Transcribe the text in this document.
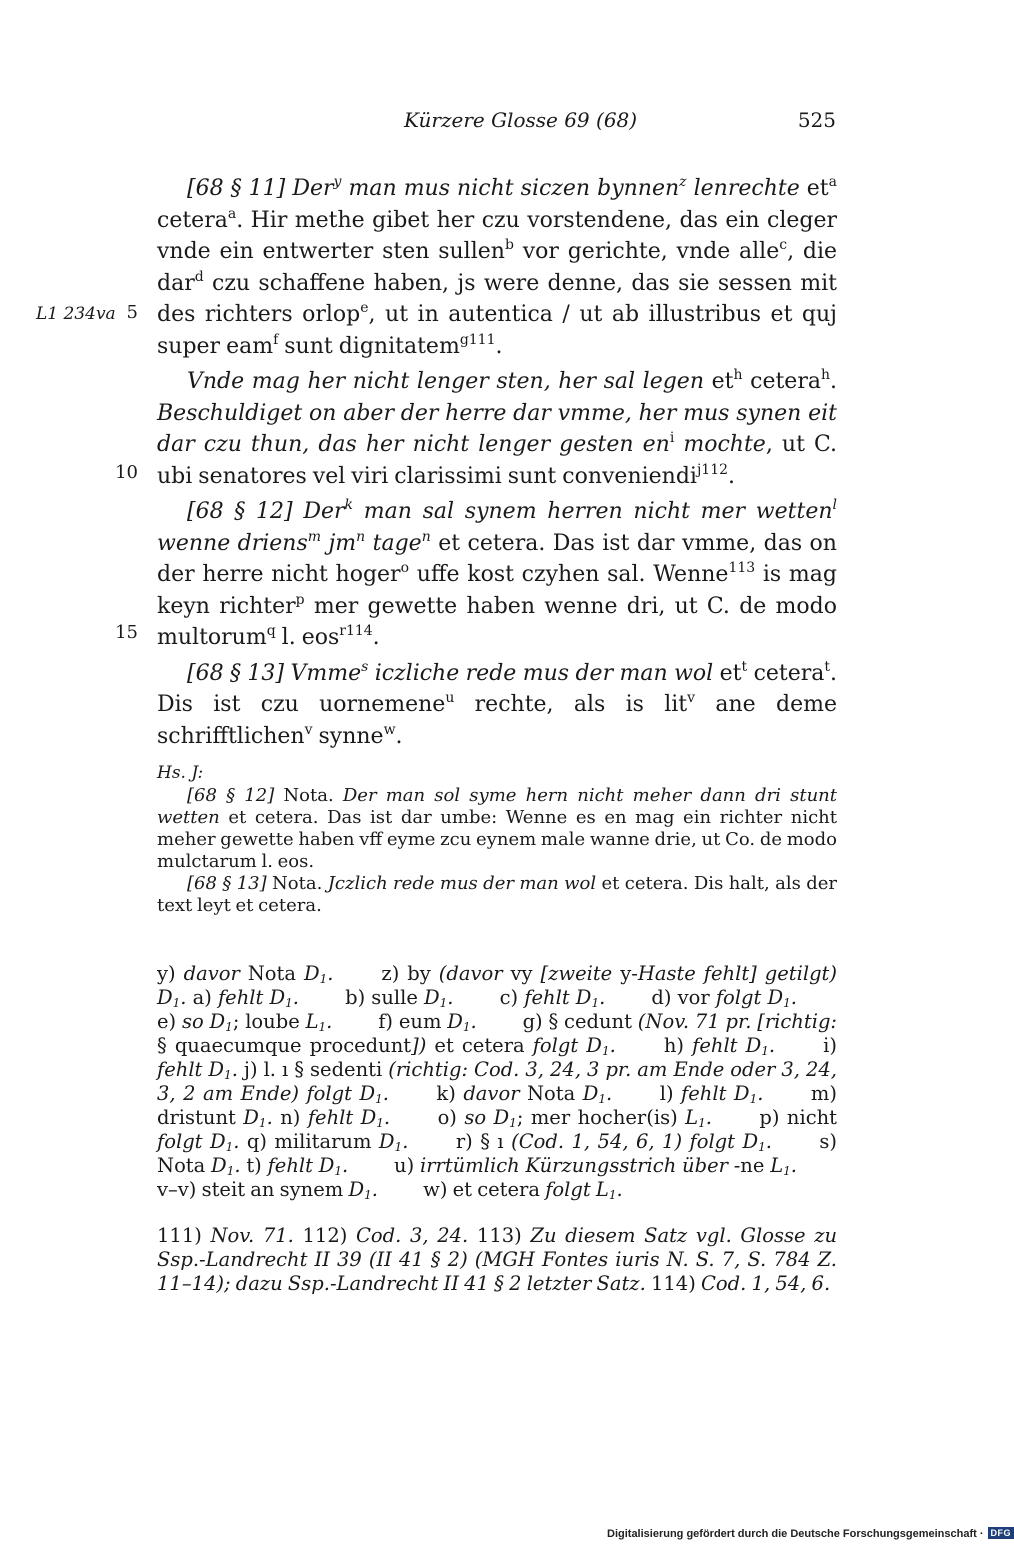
Kürzere Glosse 69 (68)	525
L1 234va 5
10
15

[68 § 11] Der$^y$ man mus nicht siczen bynnen$^z$ lenrechte $et^a$ cetera$^a$. Hir methe gibet her czu vorstendene, das ein cleger vnde ein entwerter sten sullen$^b$ vor gerichte, vnde alle$^c$, die dar$^d$ czu schaffene haben, js were denne, das sie sessen mit des richters orlop$^e$, ut in autentica / ut ab illustribus et quj super eam$^f$ sunt dignitatem$^{g111}$.

Vnde mag her nicht lenger sten, her sal legen $et^h$ cetera$^h$. Beschuldiget on aber der herre dar vmme, her mus synen eit dar czu thun, das her nicht lenger gesten $en^i$ mochte, ut C. ubi senatores vel viri clarissimi sunt conveniendi$^{j112}$.

[68 § 12] Der$^k$ man sal synem herren nicht mer wetten$^l$ wenne driens$^m$ $jm^n$ tage$^n$ et cetera. Das ist dar vmme, das on der herre nicht hoger$^o$ uffe kost czyhen sal. Wenne$^{113}$ is mag keyn richter$^p$ mer gewette haben wenne dri, ut C. de modo multorum$^q$ l. eos$^{r114}$.

[68 § 13] Vmme$^s$ iczliche rede mus der man wol $et^t$ cetera$^t$. Dis ist czu uornemene$^u$ rechte, als is lit$^v$ ane deme schrifftlichen$^v$ synne$^w$.

Hs. J:

[68 § 12] Nota. Der man sol syme hern nicht meher dann dri stunt wetten et cetera. Das ist dar umbe: Wenne es en mag ein richter nicht meher gewette haben vff eyme zcu eynem male wanne drie, ut Co. de modo mulctarum l. eos.

[68 § 13] Nota. Jczlich rede mus der man wol et cetera. Dis halt, als der text leyt et cetera.

y) davor Nota $D_1$. z) by (davor vy [zweite y-Haste fehlt] getilgt) $D_1$. a) fehlt $D_1$. b) sulle $D_1$. c) fehlt $D_1$. d) vor folgt $D_1$. e) so $D_1$; loube $L_1$. f) eum $D_1$. g) § cedunt (Nov. 71 pr. [richtig: § quaecumque procedunt]) et cetera folgt $D_1$. h) fehlt $D_1$. i) fehlt $D_1$. j) l. ı § sedenti (richtig: Cod. 3, 24, 3 pr. am Ende oder 3, 24, 3, 2 am Ende) folgt $D_1$. k) davor Nota $D_1$. l) fehlt $D_1$. m) dristunt $D_1$. n) fehlt $D_1$. o) so $D_1$; mer hocher(is) $L_1$. p) nicht folgt $D_1$. q) militarum $D_1$. r) § ı (Cod. 1, 54, 6, 1) folgt $D_1$. s) Nota $D_1$. t) fehlt $D_1$. u) irrtümlich Kürzungsstrich über -ne $L_1$. v–v) steit an synem $D_1$. w) et cetera folgt $L_1$.

111) Nov. 71. 112) Cod. 3, 24. 113) Zu diesem Satz vgl. Glosse zu Ssp.-Landrecht II 39 (II 41 § 2) (MGH Fontes iuris N. S. 7, S. 784 Z. 11–14); dazu Ssp.-Landrecht II 41 § 2 letzter Satz. 114) Cod. 1, 54, 6.

Digitalisierung gefördert durch die Deutsche Forschungsgemeinschaft · DFG
